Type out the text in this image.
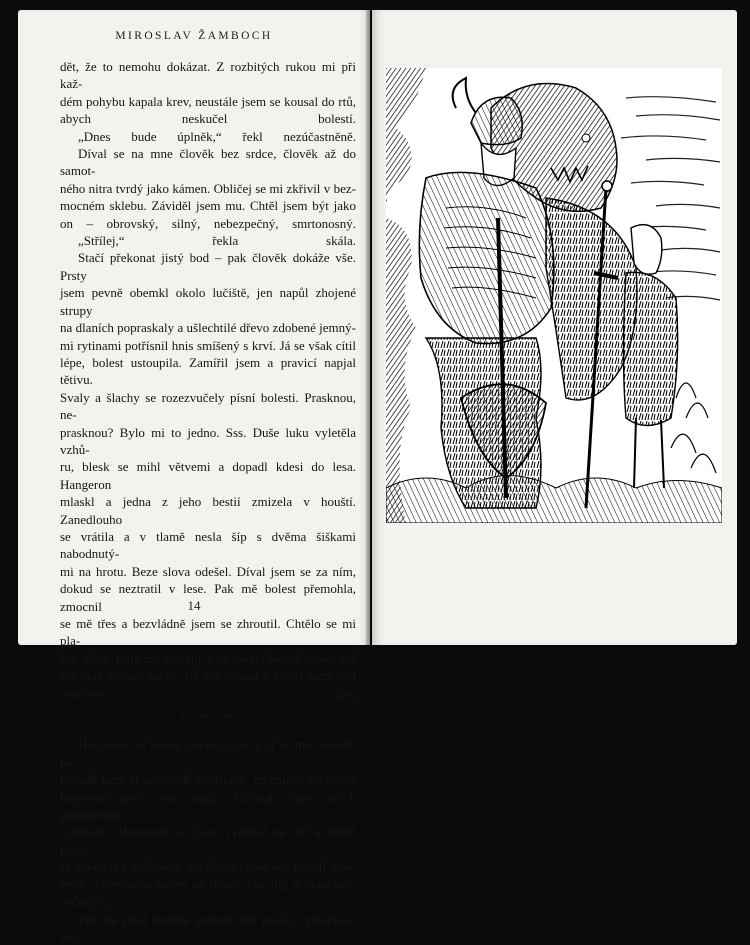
MIROSLAV ŽAMBOCH

dět, že to nemohu dokázat. Z rozbitých rukou mi při kaž-

dém pohybu kapala krev, neustále jsem se kousal do rtů,

abych neskučel bolestí.

„Dnes bude úplněk,“ řekl nezúčastněně.

Díval se na mne člověk bez srdce, člověk až do samot-

ného nitra tvrdý jako kámen. Obličej se mi zkřivil v bez-

mocném sklebu. Záviděl jsem mu. Chtěl jsem být jako

on – obrovský, silný, nebezpečný, smrtonosný.

„Střílej,“ řekla skála.

Stačí překonat jistý bod – pak člověk dokáže vše. Prsty

jsem pevně obemkl okolo lučiště, jen napůl zhojené strupy

na dlaních popraskaly a ušlechtilé dřevo zdobené jemný-

mi rytinami potřísnil hnis smíšený s krví. Já se však cítil

lépe, bolest ustoupila. Zamířil jsem a pravicí napjal tětivu.

Svaly a šlachy se rozezvučely písní bolesti. Prasknou, ne-

prasknou? Bylo mi to jedno. Sss. Duše luku vyletěla vzhů-

ru, blesk se mihl větvemi a dopadl kdesi do lesa. Hangeron

mlaskl a jedna z jeho bestií zmizela v houští. Zanedlouho

se vrátila a v tlamě nesla šíp s dvěma šiškami nabodnutý-

mi na hrotu. Beze slova odešel. Díval jsem se za ním,

dokud se neztratil v lese. Pak mě bolest přemohla, zmocnil

se mě třes a bezvládně jsem se zhroutil. Chtělo se mi pla-

kat. Tolik, tolik mě to stálo, a on neřekl jediné slovo. Mé

oči však zůstaly suché. Už jen jednou v životě jsem měl

prolévat slzy.

* * *

Hangeron se mstou nepospíchal a já se mu nedivil, po-

něvadž jsem si nedovedl představit, co zmůže sebelepší

bojovník proti celé osadě. Chystali jsme se k přezimování

v horách. Hangeron se často vydával na lov a téměř nikdy

se nevracel s prázdnou. Jen občas přišel bez kořisti, una-

vený, s čerstvými šrámy na zbroji. Lov lidí je nejnebez-

pečnější.

Pár dní před prvním sněhem mě poslal vystopovat vel-

14
